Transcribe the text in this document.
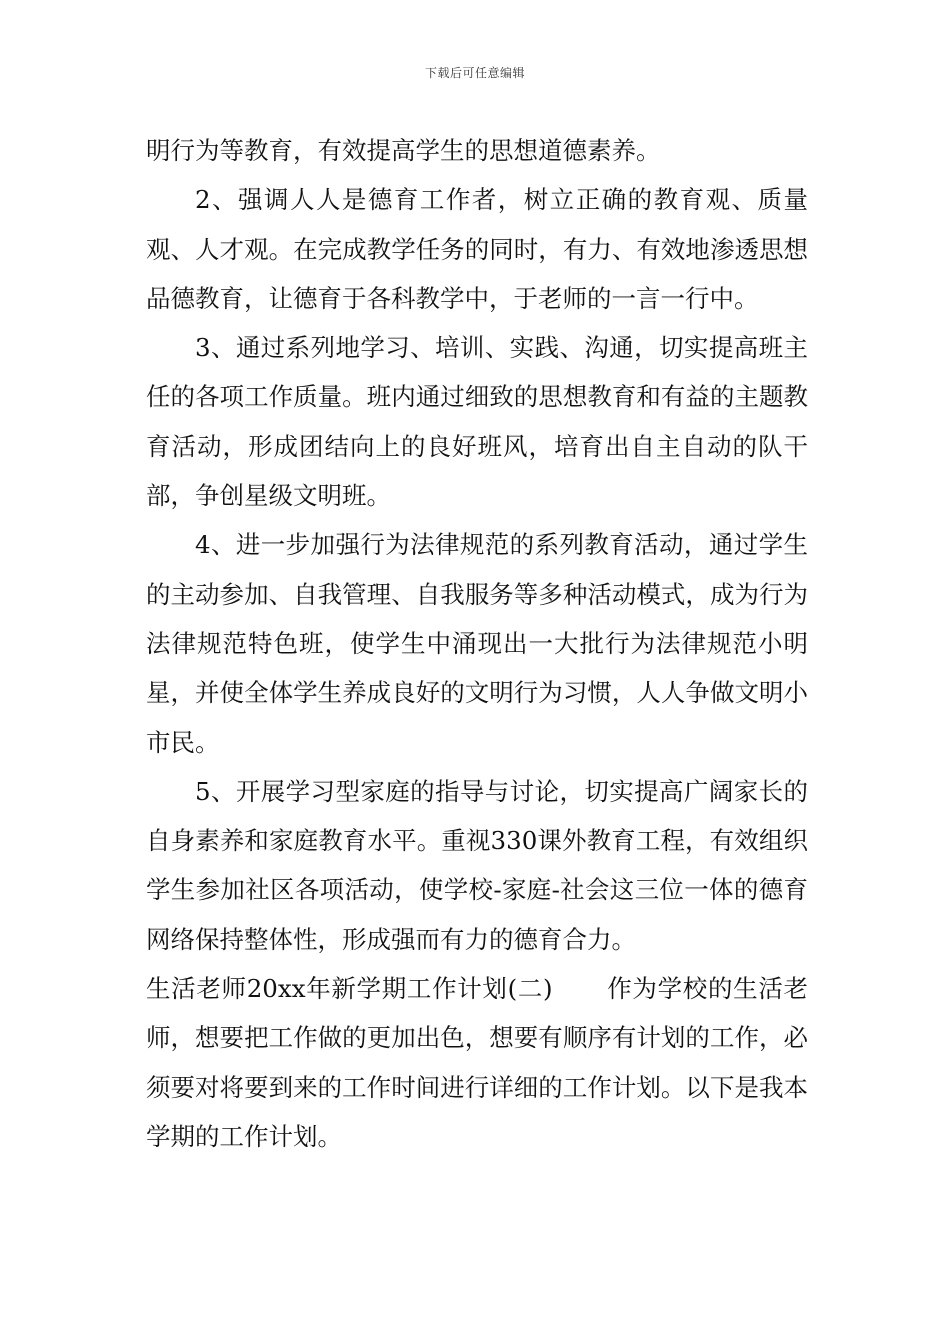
下载后可任意编辑

明行为等教育，有效提高学生的思想道德素养。

2、强调人人是德育工作者，树立正确的教育观、质量观、人才观。在完成教学任务的同时，有力、有效地渗透思想品德教育，让德育于各科教学中，于老师的一言一行中。

3、通过系列地学习、培训、实践、沟通，切实提高班主任的各项工作质量。班内通过细致的思想教育和有益的主题教育活动，形成团结向上的良好班风，培育出自主自动的队干部，争创星级文明班。

4、进一步加强行为法律规范的系列教育活动，通过学生的主动参加、自我管理、自我服务等多种活动模式，成为行为法律规范特色班，使学生中涌现出一大批行为法律规范小明星，并使全体学生养成良好的文明行为习惯，人人争做文明小市民。

5、开展学习型家庭的指导与讨论，切实提高广阔家长的自身素养和家庭教育水平。重视330课外教育工程，有效组织学生参加社区各项活动，使学校-家庭-社会这三位一体的德育网络保持整体性，形成强而有力的德育合力。

生活老师20xx年新学期工作计划(二) 作为学校的生活老师，想要把工作做的更加出色，想要有顺序有计划的工作，必须要对将要到来的工作时间进行详细的工作计划。以下是我本学期的工作计划。
